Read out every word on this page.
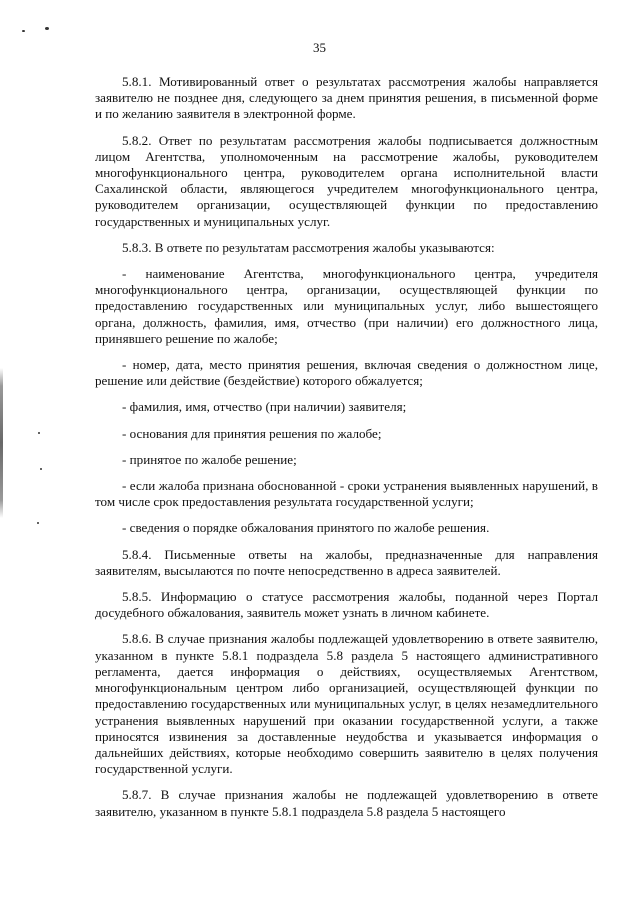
35

5.8.1. Мотивированный ответ о результатах рассмотрения жалобы направляется заявителю не позднее дня, следующего за днем принятия решения, в письменной форме и по желанию заявителя в электронной форме.

5.8.2. Ответ по результатам рассмотрения жалобы подписывается должностным лицом Агентства, уполномоченным на рассмотрение жалобы, руководителем многофункционального центра, руководителем органа исполнительной власти Сахалинской области, являющегося учредителем многофункционального центра, руководителем организации, осуществляющей функции по предоставлению государственных и муниципальных услуг.

5.8.3. В ответе по результатам рассмотрения жалобы указываются:

- наименование Агентства, многофункционального центра, учредителя многофункционального центра, организации, осуществляющей функции по предоставлению государственных или муниципальных услуг, либо вышестоящего органа, должность, фамилия, имя, отчество (при наличии) его должностного лица, принявшего решение по жалобе;

- номер, дата, место принятия решения, включая сведения о должностном лице, решение или действие (бездействие) которого обжалуется;

- фамилия, имя, отчество (при наличии) заявителя;

- основания для принятия решения по жалобе;

- принятое по жалобе решение;

- если жалоба признана обоснованной - сроки устранения выявленных нарушений, в том числе срок предоставления результата государственной услуги;

- сведения о порядке обжалования принятого по жалобе решения.

5.8.4. Письменные ответы на жалобы, предназначенные для направления заявителям, высылаются по почте непосредственно в адреса заявителей.

5.8.5. Информацию о статусе рассмотрения жалобы, поданной через Портал досудебного обжалования, заявитель может узнать в личном кабинете.

5.8.6. В случае признания жалобы подлежащей удовлетворению в ответе заявителю, указанном в пункте 5.8.1 подраздела 5.8 раздела 5 настоящего административного регламента, дается информация о действиях, осуществляемых Агентством, многофункциональным центром либо организацией, осуществляющей функции по предоставлению государственных или муниципальных услуг, в целях незамедлительного устранения выявленных нарушений при оказании государственной услуги, а также приносятся извинения за доставленные неудобства и указывается информация о дальнейших действиях, которые необходимо совершить заявителю в целях получения государственной услуги.

5.8.7. В случае признания жалобы не подлежащей удовлетворению в ответе заявителю, указанном в пункте 5.8.1 подраздела 5.8 раздела 5 настоящего
